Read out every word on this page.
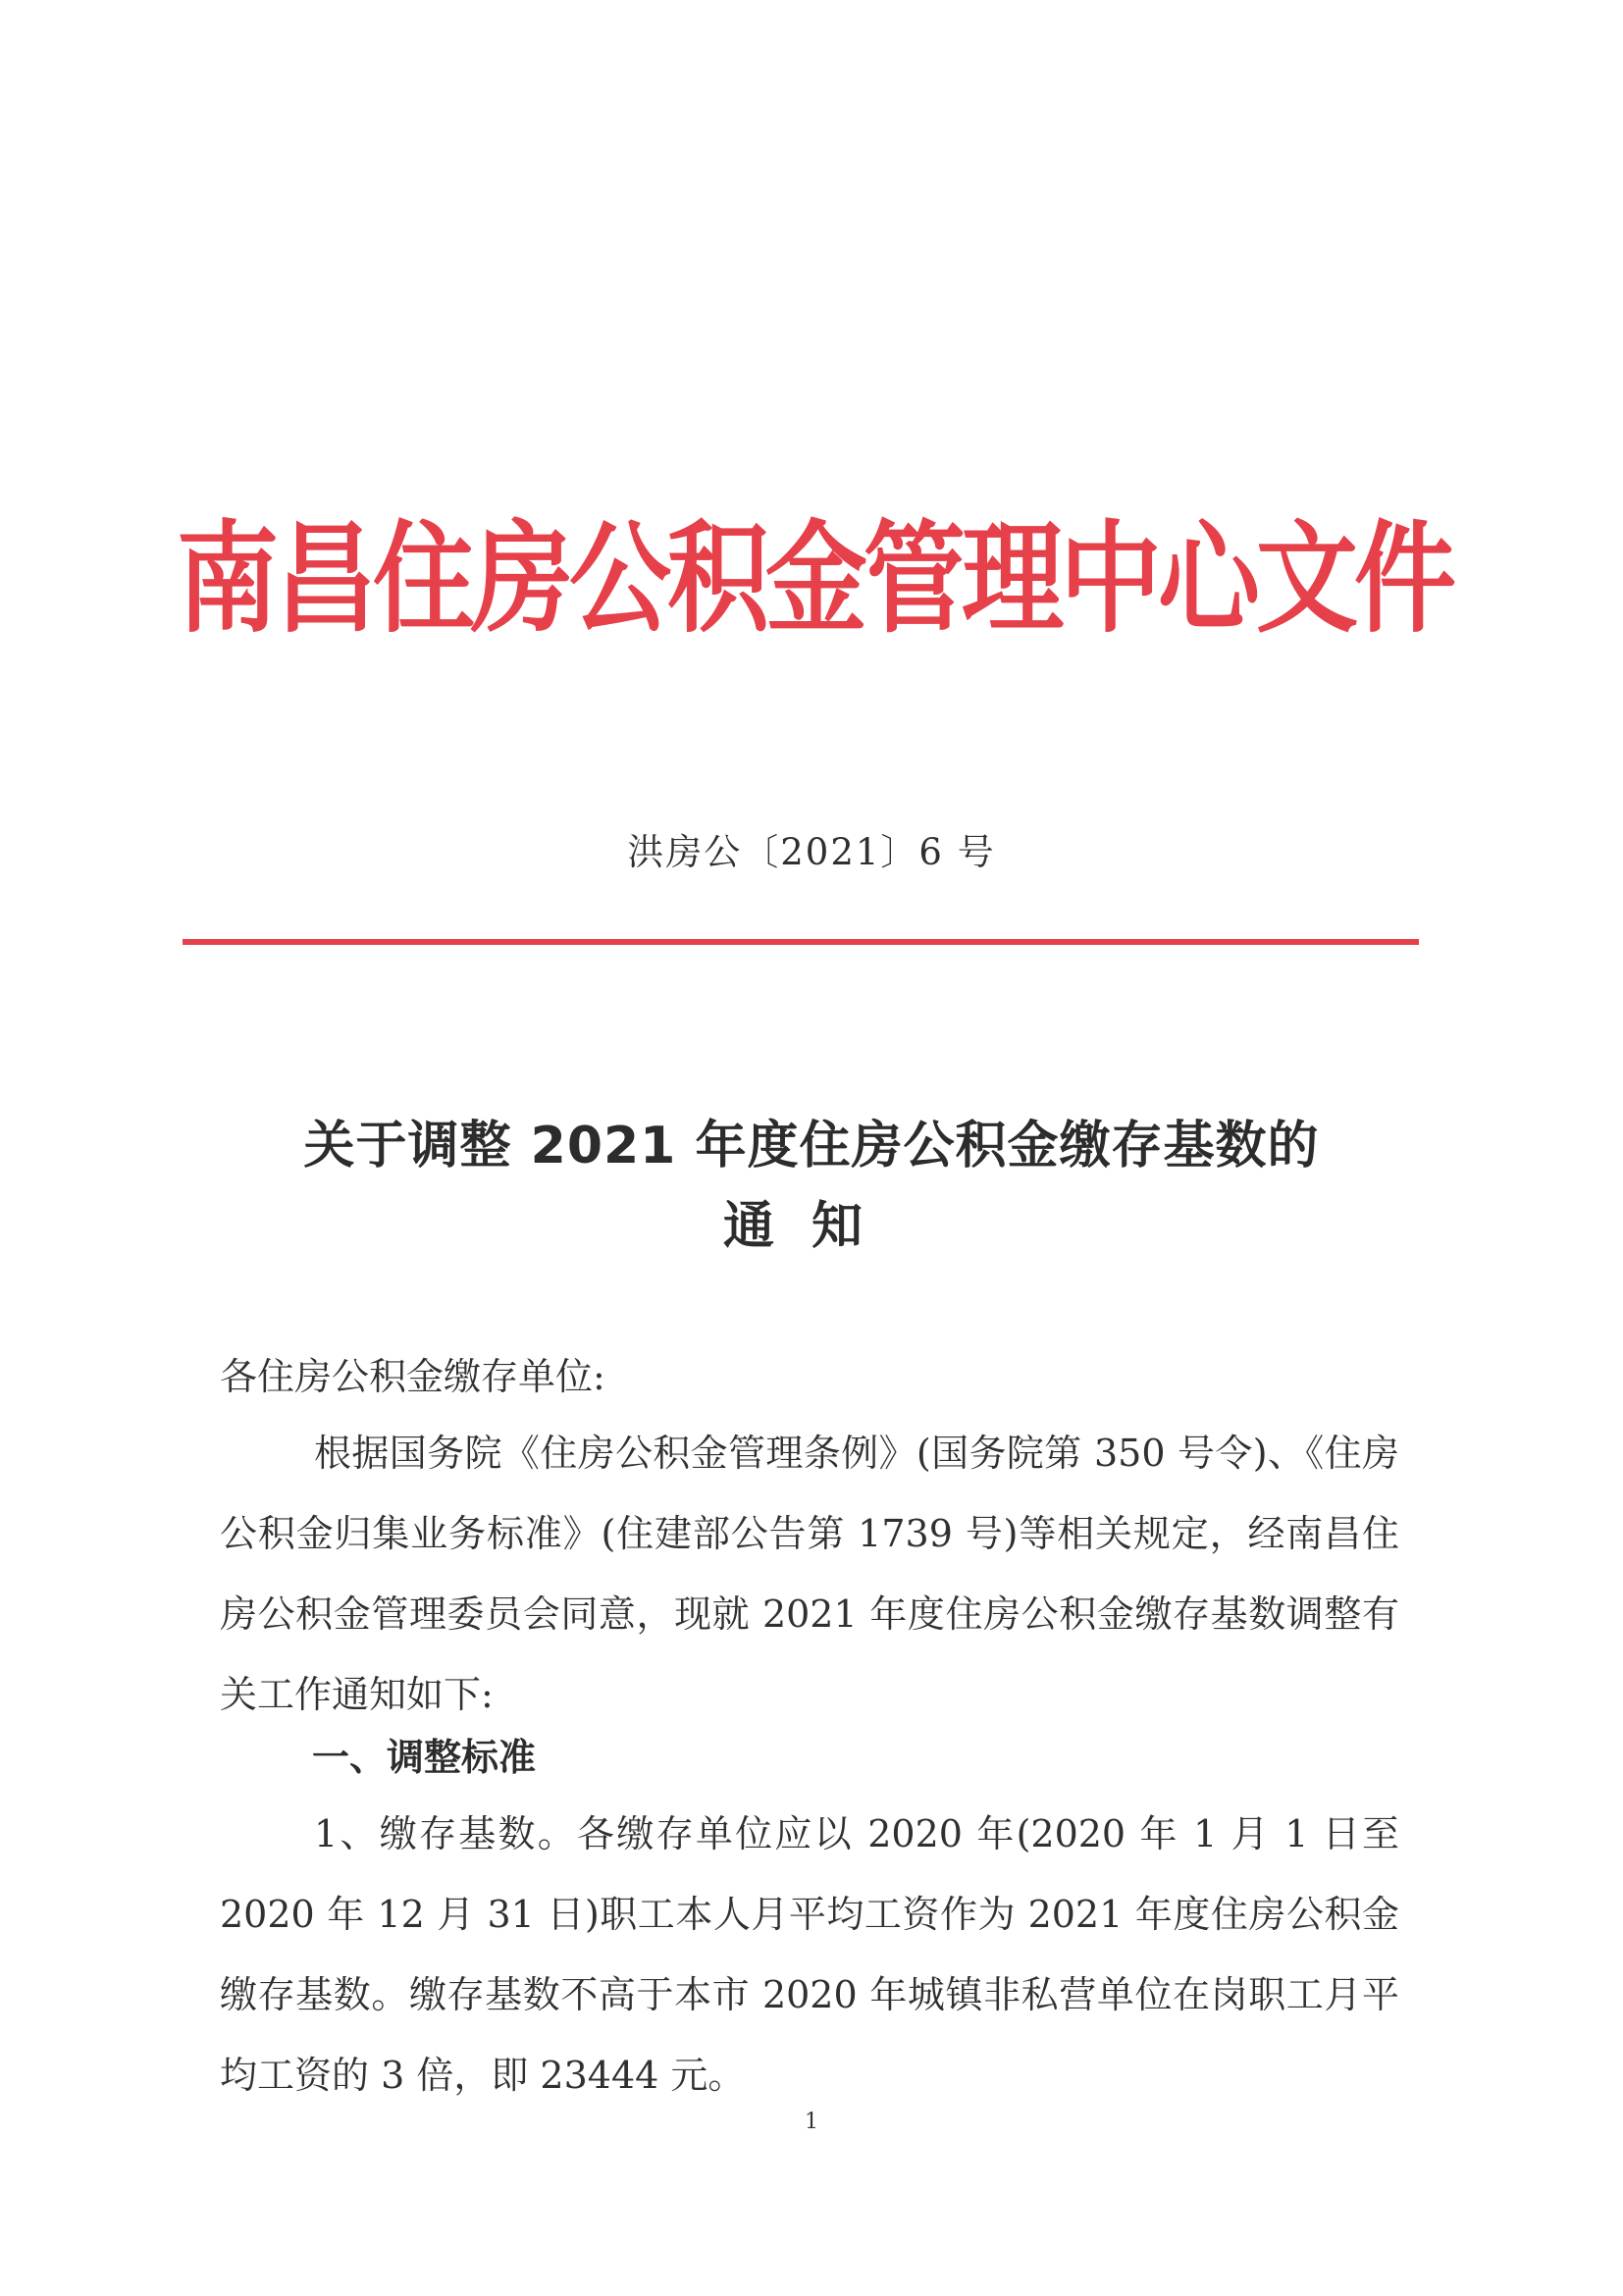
南昌住房公积金管理中心文件
洪房公〔2021〕6 号
关于调整 2021 年度住房公积金缴存基数的
通知
各住房公积金缴存单位:
根据国务院《住房公积金管理条例》(国务院第 350 号令)、《住房公积金归集业务标准》(住建部公告第 1739 号)等相关规定，经南昌住房公积金管理委员会同意，现就 2021 年度住房公积金缴存基数调整有关工作通知如下:
一、调整标准
1、缴存基数。各缴存单位应以 2020 年(2020 年 1 月 1 日至 2020 年 12 月 31 日)职工本人月平均工资作为 2021 年度住房公积金缴存基数。缴存基数不高于本市 2020 年城镇非私营单位在岗职工月平均工资的 3 倍，即 23444 元。
1
